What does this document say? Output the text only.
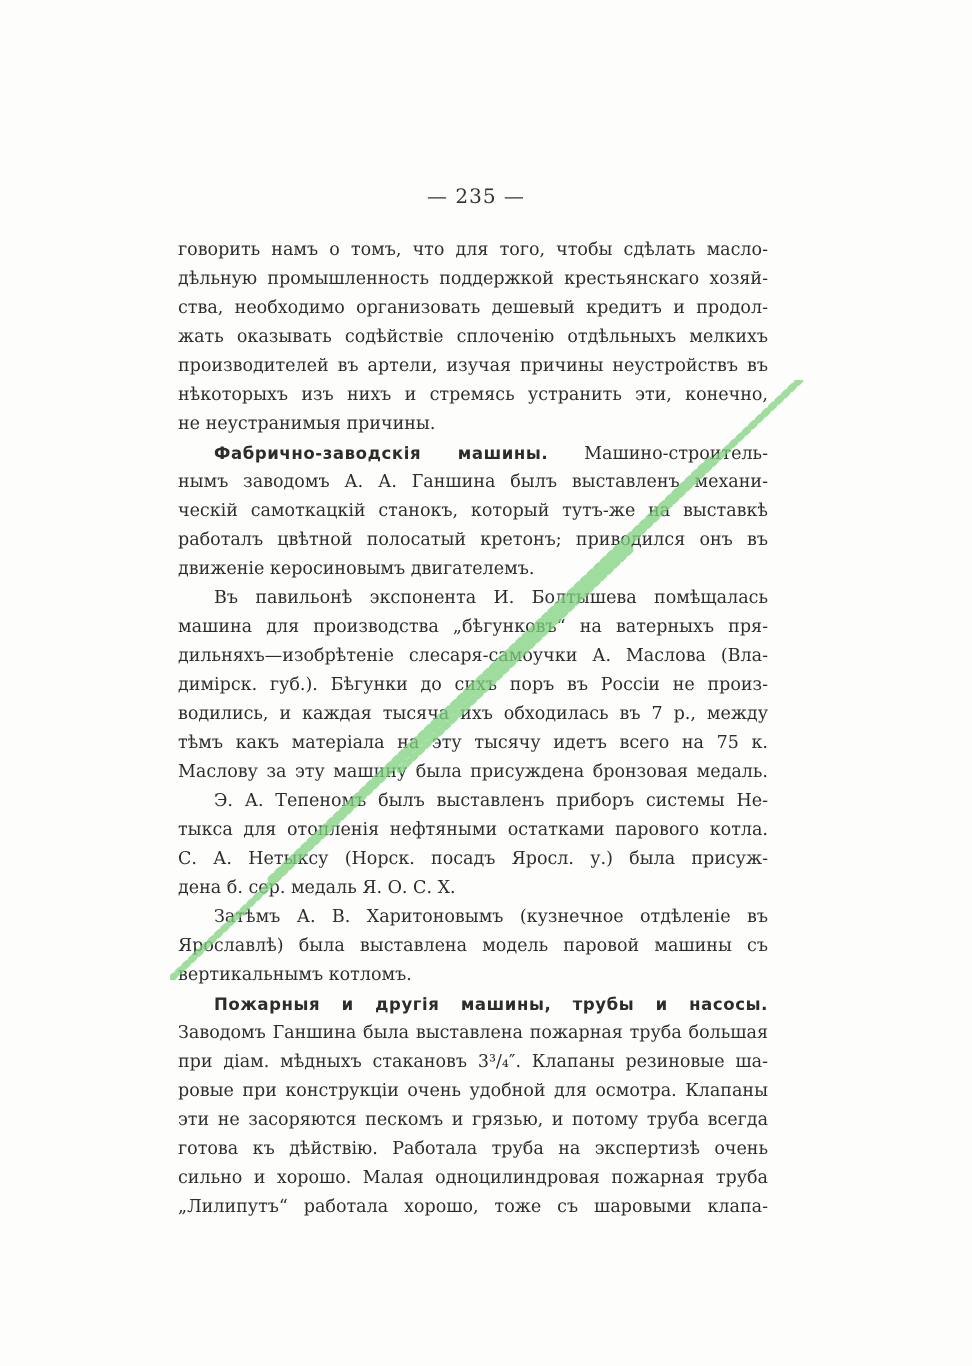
— 235 —
говорить намъ о томъ, что для того, чтобы сдѣлать масло-
дѣльную промышленность поддержкой крестьянскаго хозяй-
ства, необходимо организовать дешевый кредитъ и продол-
жать оказывать содѣйствіе сплоченію отдѣльныхъ мелкихъ
производителей въ артели, изучая причины неустройствъ въ
нѣкоторыхъ изъ нихъ и стремясь устранить эти, конечно,
не неустранимыя причины.
Фабрично-заводскія машины. Машино-строитель-
нымъ заводомъ А. А. Ганшина былъ выставленъ механи-
ческій самоткацкій станокъ, который тутъ-же на выставкѣ
работалъ цвѣтной полосатый кретонъ; приводился онъ въ
движеніе керосиновымъ двигателемъ.
Въ павильонѣ экспонента И. Болтышева помѣщалась
машина для производства „бѣгунковъ“ на ватерныхъ пря-
дильняхъ—изобрѣтеніе слесаря-самоучки А. Маслова (Вла-
димірск. губ.). Бѣгунки до сихъ поръ въ Россіи не произ-
водились, и каждая тысяча ихъ обходилась въ 7 р., между
тѣмъ какъ матеріала на эту тысячу идетъ всего на 75 к.
Маслову за эту машину была присуждена бронзовая медаль.
Э. А. Тепеномъ былъ выставленъ приборъ системы Не-
тыкса для отопленія нефтяными остатками парового котла.
С. А. Нетыксу (Норск. посадъ Яросл. у.) была присуж-
дена б. сер. медаль Я. О. С. Х.
Затѣмъ А. В. Харитоновымъ (кузнечное отдѣленіе въ
Ярославлѣ) была выставлена модель паровой машины съ
вертикальнымъ котломъ.
Пожарныя и другія машины, трубы и насосы.
Заводомъ Ганшина была выставлена пожарная труба большая
при діам. мѣдныхъ стакановъ 3³/₄″. Клапаны резиновые ша-
ровые при конструкціи очень удобной для осмотра. Клапаны
эти не засоряются пескомъ и грязью, и потому труба всегда
готова къ дѣйствію. Работала труба на экспертизѣ очень
сильно и хорошо. Малая одноцилиндровая пожарная труба
„Лилипутъ“ работала хорошо, тоже съ шаровыми клапа-
